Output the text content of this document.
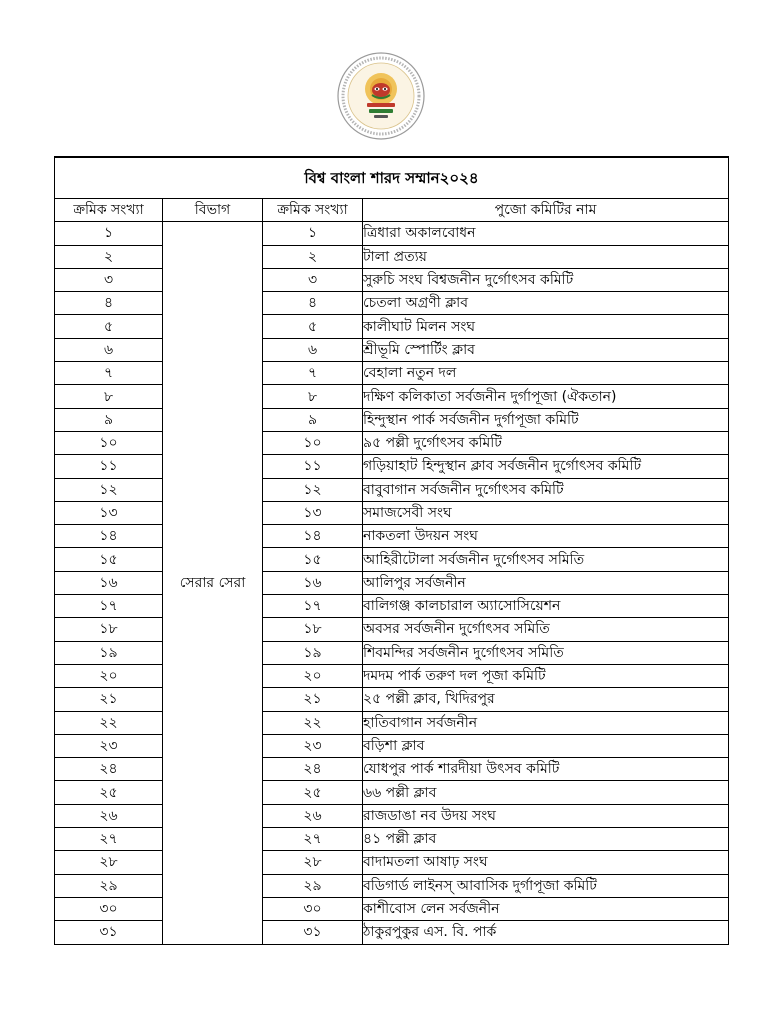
বিশ্ব বাংলা শারদ সম্মান২০২৪			
ক্রমিক সংখ্যা	বিভাগ	ক্রমিক সংখ্যা	পুজো কমিটির নাম
১	সেরার সেরা	১	ত্রিধারা অকালবোধন
২		২	টালা প্রত্যয়
৩		৩	সুরুচি সংঘ বিশ্বজনীন দুর্গোৎসব কমিটি
৪		৪	চেতলা অগ্রণী ক্লাব
৫		৫	কালীঘাট মিলন সংঘ
৬		৬	শ্রীভূমি স্পোর্টিং ক্লাব
৭		৭	বেহালা নতুন দল
৮		৮	দক্ষিণ কলিকাতা সর্বজনীন দুর্গাপূজা (ঐকতান)
৯		৯	হিন্দুস্থান পার্ক সর্বজনীন দুর্গাপূজা কমিটি
১০		১০	৯৫ পল্লী দুর্গোৎসব কমিটি
১১		১১	গড়িয়াহাট হিন্দুস্থান ক্লাব সর্বজনীন দুর্গোৎসব কমিটি
১২		১২	বাবুবাগান সর্বজনীন দুর্গোৎসব কমিটি
১৩		১৩	সমাজসেবী সংঘ
১৪		১৪	নাকতলা উদয়ন সংঘ
১৫		১৫	আহিরীটোলা সর্বজনীন দুর্গোৎসব সমিতি
১৬		১৬	আলিপুর সর্বজনীন
১৭		১৭	বালিগঞ্জ কালচারাল অ্যাসোসিয়েশন
১৮		১৮	অবসর সর্বজনীন দুর্গোৎসব সমিতি
১৯		১৯	শিবমন্দির সর্বজনীন দুর্গোৎসব সমিতি
২০		২০	দমদম পার্ক তরুণ দল পূজা কমিটি
২১		২১	২৫ পল্লী ক্লাব, খিদিরপুর
২২		২২	হাতিবাগান সর্বজনীন
২৩		২৩	বড়িশা ক্লাব
২৪		২৪	যোধপুর পার্ক শারদীয়া উৎসব কমিটি
২৫		২৫	৬৬ পল্লী ক্লাব
২৬		২৬	রাজডাঙা নব উদয় সংঘ
২৭		২৭	৪১ পল্লী ক্লাব
২৮		২৮	বাদামতলা আষাঢ় সংঘ
২৯		২৯	বডিগার্ড লাইনস্ আবাসিক দুর্গাপূজা কমিটি
৩০		৩০	কাশীবোস লেন সর্বজনীন
৩১		৩১	ঠাকুরপুকুর এস. বি. পার্ক
